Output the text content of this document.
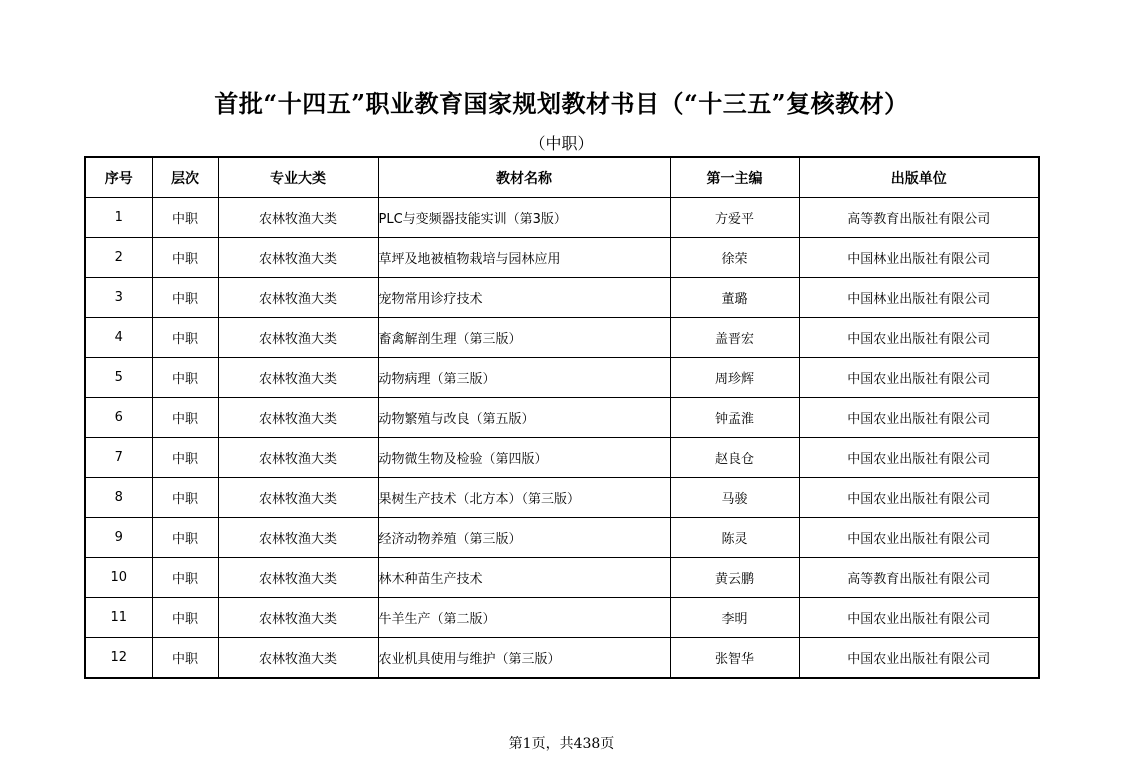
首批“十四五”职业教育国家规划教材书目（“十三五”复核教材）
（中职）
序号	层次	专业大类	教材名称	第一主编	出版单位
1	中职	农林牧渔大类	PLC与变频器技能实训（第3版）	方爱平	高等教育出版社有限公司
2	中职	农林牧渔大类	草坪及地被植物栽培与园林应用	徐荣	中国林业出版社有限公司
3	中职	农林牧渔大类	宠物常用诊疗技术	董璐	中国林业出版社有限公司
4	中职	农林牧渔大类	畜禽解剖生理（第三版）	盖晋宏	中国农业出版社有限公司
5	中职	农林牧渔大类	动物病理（第三版）	周珍辉	中国农业出版社有限公司
6	中职	农林牧渔大类	动物繁殖与改良（第五版）	钟孟淮	中国农业出版社有限公司
7	中职	农林牧渔大类	动物微生物及检验（第四版）	赵良仓	中国农业出版社有限公司
8	中职	农林牧渔大类	果树生产技术（北方本）（第三版）	马骏	中国农业出版社有限公司
9	中职	农林牧渔大类	经济动物养殖（第三版）	陈灵	中国农业出版社有限公司
10	中职	农林牧渔大类	林木种苗生产技术	黄云鹏	高等教育出版社有限公司
11	中职	农林牧渔大类	牛羊生产（第二版）	李明	中国农业出版社有限公司
12	中职	农林牧渔大类	农业机具使用与维护（第三版）	张智华	中国农业出版社有限公司
第1页，共438页
